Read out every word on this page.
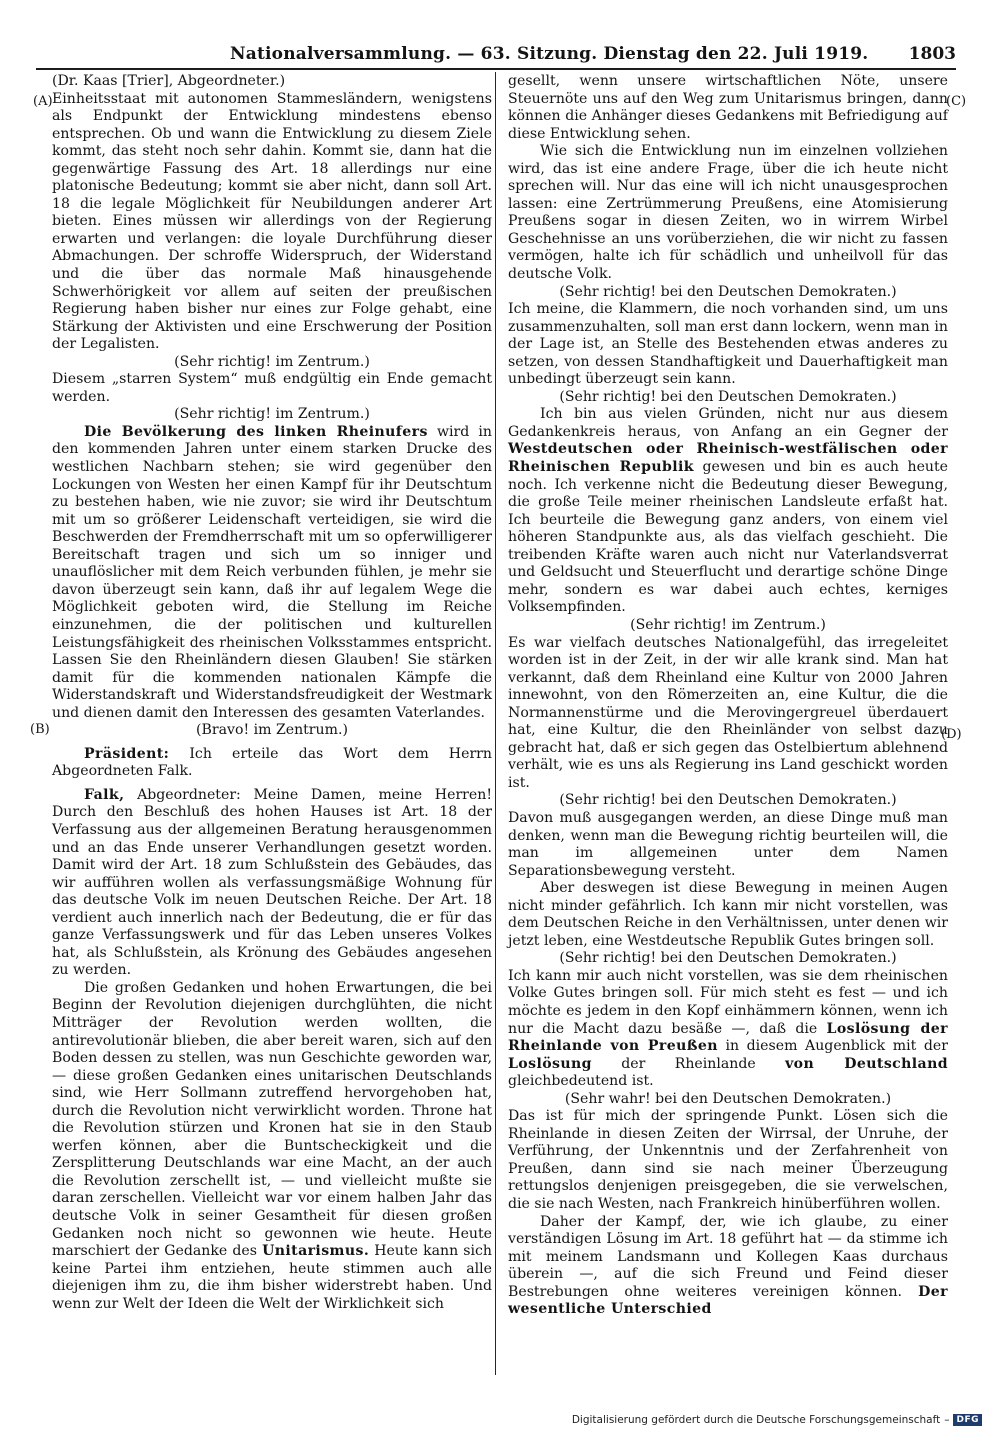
Nationalversammlung. — 63. Sitzung. Dienstag den 22. Juli 1919. 1803
(A)
(B)
(C)
(D)

(Dr. Kaas [Trier], Abgeordneter.)

Einheitsstaat mit autonomen Stammesländern, wenigstens als Endpunkt der Entwicklung mindestens ebenso entsprechen. Ob und wann die Entwicklung zu diesem Ziele kommt, das steht noch sehr dahin. Kommt sie, dann hat die gegenwärtige Fassung des Art. 18 allerdings nur eine platonische Bedeutung; kommt sie aber nicht, dann soll Art. 18 die legale Möglichkeit für Neubildungen anderer Art bieten. Eines müssen wir allerdings von der Regierung erwarten und verlangen: die loyale Durchführung dieser Abmachungen. Der schroffe Widerspruch, der Widerstand und die über das normale Maß hinausgehende Schwerhörigkeit vor allem auf seiten der preußischen Regierung haben bisher nur eines zur Folge gehabt, eine Stärkung der Aktivisten und eine Erschwerung der Position der Legalisten.

(Sehr richtig! im Zentrum.)

Diesem „starren System“ muß endgültig ein Ende gemacht werden.

(Sehr richtig! im Zentrum.)

Die Bevölkerung des linken Rheinufers wird in den kommenden Jahren unter einem starken Drucke des westlichen Nachbarn stehen; sie wird gegenüber den Lockungen von Westen her einen Kampf für ihr Deutschtum zu bestehen haben, wie nie zuvor; sie wird ihr Deutschtum mit um so größerer Leidenschaft verteidigen, sie wird die Beschwerden der Fremdherrschaft mit um so opferwilligerer Bereitschaft tragen und sich um so inniger und unauflöslicher mit dem Reich verbunden fühlen, je mehr sie davon überzeugt sein kann, daß ihr auf legalem Wege die Möglichkeit geboten wird, die Stellung im Reiche einzunehmen, die der politischen und kulturellen Leistungsfähigkeit des rheinischen Volksstammes entspricht. Lassen Sie den Rheinländern diesen Glauben! Sie stärken damit für die kommenden nationalen Kämpfe die Widerstandskraft und Widerstandsfreudigkeit der Westmark und dienen damit den Interessen des gesamten Vaterlandes.

(Bravo! im Zentrum.)

Präsident: Ich erteile das Wort dem Herrn Abgeordneten Falk.

Falk, Abgeordneter: Meine Damen, meine Herren! Durch den Beschluß des hohen Hauses ist Art. 18 der Verfassung aus der allgemeinen Beratung herausgenommen und an das Ende unserer Verhandlungen gesetzt worden. Damit wird der Art. 18 zum Schlußstein des Gebäudes, das wir aufführen wollen als verfassungsmäßige Wohnung für das deutsche Volk im neuen Deutschen Reiche. Der Art. 18 verdient auch innerlich nach der Bedeutung, die er für das ganze Verfassungswerk und für das Leben unseres Volkes hat, als Schlußstein, als Krönung des Gebäudes angesehen zu werden.

Die großen Gedanken und hohen Erwartungen, die bei Beginn der Revolution diejenigen durchglühten, die nicht Mitträger der Revolution werden wollten, die antirevolutionär blieben, die aber bereit waren, sich auf den Boden dessen zu stellen, was nun Geschichte geworden war, — diese großen Gedanken eines unitarischen Deutschlands sind, wie Herr Sollmann zutreffend hervorgehoben hat, durch die Revolution nicht verwirklicht worden. Throne hat die Revolution stürzen und Kronen hat sie in den Staub werfen können, aber die Buntscheckigkeit und die Zersplitterung Deutschlands war eine Macht, an der auch die Revolution zerschellt ist, — und vielleicht mußte sie daran zerschellen. Vielleicht war vor einem halben Jahr das deutsche Volk in seiner Gesamtheit für diesen großen Gedanken noch nicht so gewonnen wie heute. Heute marschiert der Gedanke des Unitarismus. Heute kann sich keine Partei ihm entziehen, heute stimmen auch alle diejenigen ihm zu, die ihm bisher widerstrebt haben. Und wenn zur Welt der Ideen die Welt der Wirklichkeit sich

gesellt, wenn unsere wirtschaftlichen Nöte, unsere Steuernöte uns auf den Weg zum Unitarismus bringen, dann können die Anhänger dieses Gedankens mit Befriedigung auf diese Entwicklung sehen.

Wie sich die Entwicklung nun im einzelnen vollziehen wird, das ist eine andere Frage, über die ich heute nicht sprechen will. Nur das eine will ich nicht unausgesprochen lassen: eine Zertrümmerung Preußens, eine Atomisierung Preußens sogar in diesen Zeiten, wo in wirrem Wirbel Geschehnisse an uns vorüberziehen, die wir nicht zu fassen vermögen, halte ich für schädlich und unheilvoll für das deutsche Volk.

(Sehr richtig! bei den Deutschen Demokraten.)

Ich meine, die Klammern, die noch vorhanden sind, um uns zusammenzuhalten, soll man erst dann lockern, wenn man in der Lage ist, an Stelle des Bestehenden etwas anderes zu setzen, von dessen Standhaftigkeit und Dauerhaftigkeit man unbedingt überzeugt sein kann.

(Sehr richtig! bei den Deutschen Demokraten.)

Ich bin aus vielen Gründen, nicht nur aus diesem Gedankenkreis heraus, von Anfang an ein Gegner der Westdeutschen oder Rheinisch-westfälischen oder Rheinischen Republik gewesen und bin es auch heute noch. Ich verkenne nicht die Bedeutung dieser Bewegung, die große Teile meiner rheinischen Landsleute erfaßt hat. Ich beurteile die Bewegung ganz anders, von einem viel höheren Standpunkte aus, als das vielfach geschieht. Die treibenden Kräfte waren auch nicht nur Vaterlandsverrat und Geldsucht und Steuerflucht und derartige schöne Dinge mehr, sondern es war dabei auch echtes, kerniges Volksempfinden.

(Sehr richtig! im Zentrum.)

Es war vielfach deutsches Nationalgefühl, das irregeleitet worden ist in der Zeit, in der wir alle krank sind. Man hat verkannt, daß dem Rheinland eine Kultur von 2000 Jahren innewohnt, von den Römerzeiten an, eine Kultur, die die Normannenstürme und die Merovingergreuel überdauert hat, eine Kultur, die den Rheinländer von selbst dazu gebracht hat, daß er sich gegen das Ostelbiertum ablehnend verhält, wie es uns als Regierung ins Land geschickt worden ist.

(Sehr richtig! bei den Deutschen Demokraten.)

Davon muß ausgegangen werden, an diese Dinge muß man denken, wenn man die Bewegung richtig beurteilen will, die man im allgemeinen unter dem Namen Separationsbewegung versteht.

Aber deswegen ist diese Bewegung in meinen Augen nicht minder gefährlich. Ich kann mir nicht vorstellen, was dem Deutschen Reiche in den Verhältnissen, unter denen wir jetzt leben, eine Westdeutsche Republik Gutes bringen soll.

(Sehr richtig! bei den Deutschen Demokraten.)

Ich kann mir auch nicht vorstellen, was sie dem rheinischen Volke Gutes bringen soll. Für mich steht es fest — und ich möchte es jedem in den Kopf einhämmern können, wenn ich nur die Macht dazu besäße —, daß die Loslösung der Rheinlande von Preußen in diesem Augenblick mit der Loslösung der Rheinlande von Deutschland gleichbedeutend ist.

(Sehr wahr! bei den Deutschen Demokraten.)

Das ist für mich der springende Punkt. Lösen sich die Rheinlande in diesen Zeiten der Wirrsal, der Unruhe, der Verführung, der Unkenntnis und der Zerfahrenheit von Preußen, dann sind sie nach meiner Überzeugung rettungslos denjenigen preisgegeben, die sie verwelschen, die sie nach Westen, nach Frankreich hinüberführen wollen.

Daher der Kampf, der, wie ich glaube, zu einer verständigen Lösung im Art. 18 geführt hat — da stimme ich mit meinem Landsmann und Kollegen Kaas durchaus überein —, auf die sich Freund und Feind dieser Bestrebungen ohne weiteres vereinigen können. Der wesentliche Unterschied

Digitalisierung gefördert durch die Deutsche Forschungsgemeinschaft – DFG
